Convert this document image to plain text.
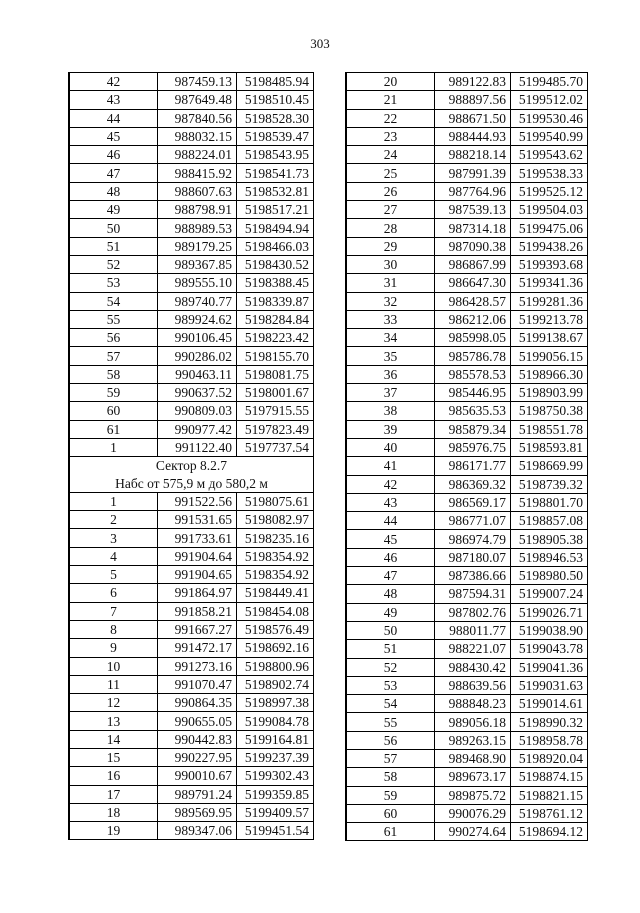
303
42	987459.13	5198485.94
43	987649.48	5198510.45
44	987840.56	5198528.30
45	988032.15	5198539.47
46	988224.01	5198543.95
47	988415.92	5198541.73
48	988607.63	5198532.81
49	988798.91	5198517.21
50	988989.53	5198494.94
51	989179.25	5198466.03
52	989367.85	5198430.52
53	989555.10	5198388.45
54	989740.77	5198339.87
55	989924.62	5198284.84
56	990106.45	5198223.42
57	990286.02	5198155.70
58	990463.11	5198081.75
59	990637.52	5198001.67
60	990809.03	5197915.55
61	990977.42	5197823.49
1	991122.40	5197737.54
Сектор 8.2.7		
Набс от 575,9 м до 580,2 м		
1	991522.56	5198075.61
2	991531.65	5198082.97
3	991733.61	5198235.16
4	991904.64	5198354.92
5	991904.65	5198354.92
6	991864.97	5198449.41
7	991858.21	5198454.08
8	991667.27	5198576.49
9	991472.17	5198692.16
10	991273.16	5198800.96
11	991070.47	5198902.74
12	990864.35	5198997.38
13	990655.05	5199084.78
14	990442.83	5199164.81
15	990227.95	5199237.39
16	990010.67	5199302.43
17	989791.24	5199359.85
18	989569.95	5199409.57
19	989347.06	5199451.54
20	989122.83	5199485.70
21	988897.56	5199512.02
22	988671.50	5199530.46
23	988444.93	5199540.99
24	988218.14	5199543.62
25	987991.39	5199538.33
26	987764.96	5199525.12
27	987539.13	5199504.03
28	987314.18	5199475.06
29	987090.38	5199438.26
30	986867.99	5199393.68
31	986647.30	5199341.36
32	986428.57	5199281.36
33	986212.06	5199213.78
34	985998.05	5199138.67
35	985786.78	5199056.15
36	985578.53	5198966.30
37	985446.95	5198903.99
38	985635.53	5198750.38
39	985879.34	5198551.78
40	985976.75	5198593.81
41	986171.77	5198669.99
42	986369.32	5198739.32
43	986569.17	5198801.70
44	986771.07	5198857.08
45	986974.79	5198905.38
46	987180.07	5198946.53
47	987386.66	5198980.50
48	987594.31	5199007.24
49	987802.76	5199026.71
50	988011.77	5199038.90
51	988221.07	5199043.78
52	988430.42	5199041.36
53	988639.56	5199031.63
54	988848.23	5199014.61
55	989056.18	5198990.32
56	989263.15	5198958.78
57	989468.90	5198920.04
58	989673.17	5198874.15
59	989875.72	5198821.15
60	990076.29	5198761.12
61	990274.64	5198694.12
